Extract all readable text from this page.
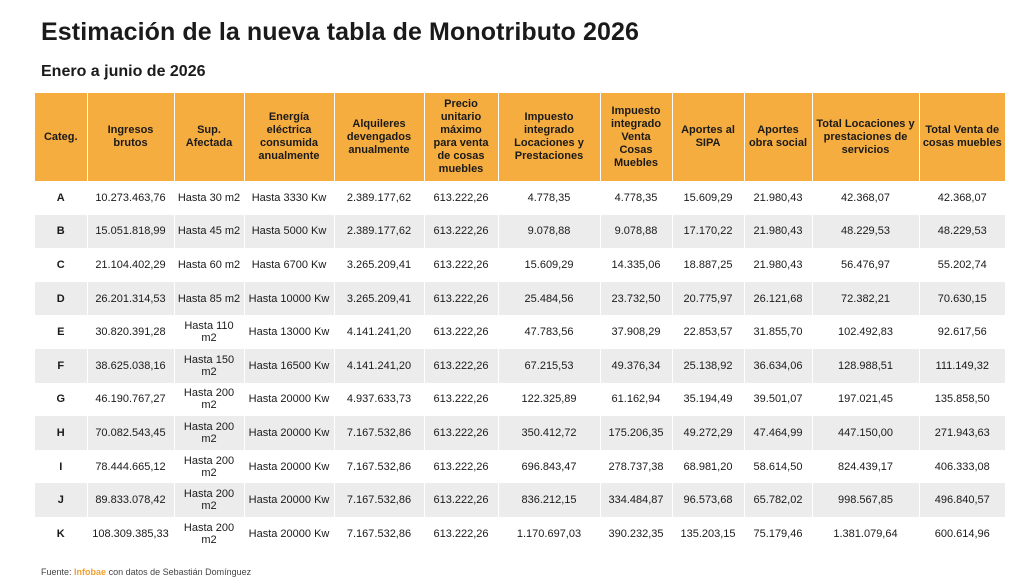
Estimación de la nueva tabla de Monotributo 2026
Enero a junio de 2026
Categ.	Ingresos brutos	Sup. Afectada	Energía eléctrica consumida anualmente	Alquileres devengados anualmente	Precio unitario máximo para venta de cosas muebles	Impuesto integrado Locaciones y Prestaciones	Impuesto integrado Venta Cosas Muebles	Aportes al SIPA	Aportes obra social	Total Locaciones y prestaciones de servicios	Total Venta de cosas muebles
A	10.273.463,76	Hasta 30 m2	Hasta 3330 Kw	2.389.177,62	613.222,26	4.778,35	4.778,35	15.609,29	21.980,43	42.368,07	42.368,07
B	15.051.818,99	Hasta 45 m2	Hasta 5000 Kw	2.389.177,62	613.222,26	9.078,88	9.078,88	17.170,22	21.980,43	48.229,53	48.229,53
C	21.104.402,29	Hasta 60 m2	Hasta 6700 Kw	3.265.209,41	613.222,26	15.609,29	14.335,06	18.887,25	21.980,43	56.476,97	55.202,74
D	26.201.314,53	Hasta 85 m2	Hasta 10000 Kw	3.265.209,41	613.222,26	25.484,56	23.732,50	20.775,97	26.121,68	72.382,21	70.630,15
E	30.820.391,28	Hasta 110 m2	Hasta 13000 Kw	4.141.241,20	613.222,26	47.783,56	37.908,29	22.853,57	31.855,70	102.492,83	92.617,56
F	38.625.038,16	Hasta 150 m2	Hasta 16500 Kw	4.141.241,20	613.222,26	67.215,53	49.376,34	25.138,92	36.634,06	128.988,51	111.149,32
G	46.190.767,27	Hasta 200 m2	Hasta 20000 Kw	4.937.633,73	613.222,26	122.325,89	61.162,94	35.194,49	39.501,07	197.021,45	135.858,50
H	70.082.543,45	Hasta 200 m2	Hasta 20000 Kw	7.167.532,86	613.222,26	350.412,72	175.206,35	49.272,29	47.464,99	447.150,00	271.943,63
I	78.444.665,12	Hasta 200 m2	Hasta 20000 Kw	7.167.532,86	613.222,26	696.843,47	278.737,38	68.981,20	58.614,50	824.439,17	406.333,08
J	89.833.078,42	Hasta 200 m2	Hasta 20000 Kw	7.167.532,86	613.222,26	836.212,15	334.484,87	96.573,68	65.782,02	998.567,85	496.840,57
K	108.309.385,33	Hasta 200 m2	Hasta 20000 Kw	7.167.532,86	613.222,26	1.170.697,03	390.232,35	135.203,15	75.179,46	1.381.079,64	600.614,96
Fuente: Infobae con datos de Sebastián Domínguez
